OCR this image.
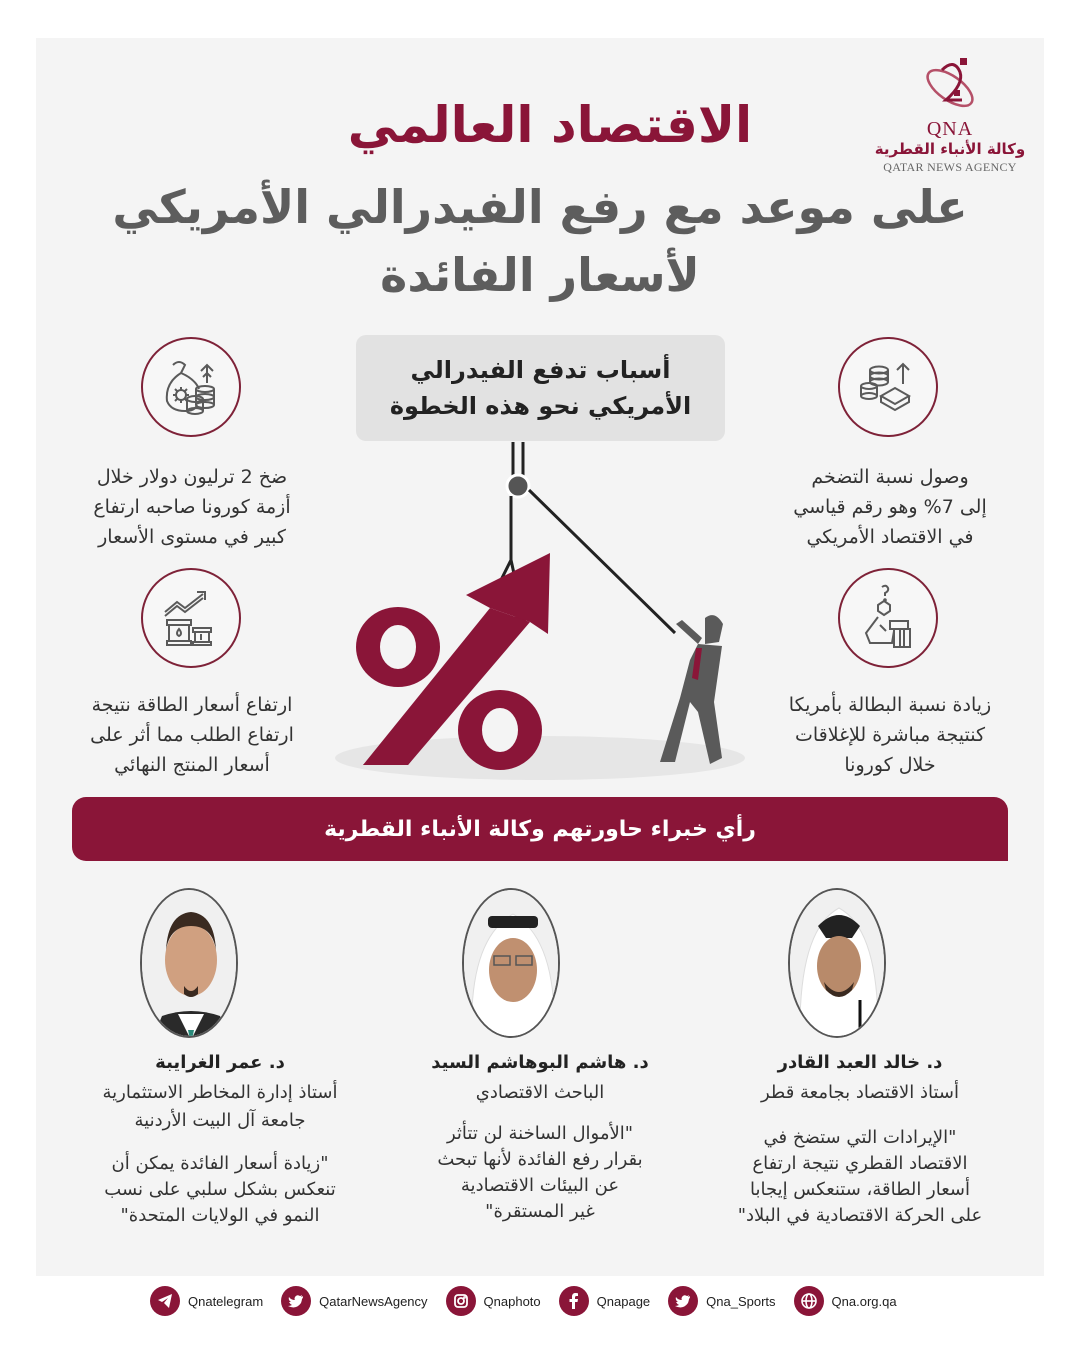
QNA
وكالة الأنباء القطرية
QATAR NEWS AGENCY
الاقتصاد العالمي
على موعد مع رفع الفيدرالي الأمريكي
لأسعار الفائدة
أسباب تدفع الفيدرالي
الأمريكي نحو هذه الخطوة
وصول نسبة التضخم
إلى 7% وهو رقم قياسي
في الاقتصاد الأمريكي
ضخ 2 ترليون دولار خلال
أزمة كورونا صاحبه ارتفاع
كبير في مستوى الأسعار
زيادة نسبة البطالة بأمريكا
كنتيجة مباشرة للإغلاقات
خلال كورونا
ارتفاع أسعار الطاقة نتيجة
ارتفاع الطلب مما أثر على
أسعار المنتج النهائي
رأي خبراء حاورتهم وكالة الأنباء القطرية
د. خالد العبد القادر
أستاذ الاقتصاد بجامعة قطر
"الإيرادات التي ستضخ في
الاقتصاد القطري نتيجة ارتفاع
أسعار الطاقة، ستنعكس إيجابا
على الحركة الاقتصادية في البلاد"
د. هاشم البوهاشم السيد
الباحث الاقتصادي
"الأموال الساخنة لن تتأثر
بقرار رفع الفائدة لأنها تبحث
عن البيئات الاقتصادية
غير المستقرة"
د. عمر الغرايبة
أستاذ إدارة المخاطر الاستثمارية
جامعة آل البيت الأردنية
"زيادة أسعار الفائدة يمكن أن
تنعكس بشكل سلبي على نسب
النمو في الولايات المتحدة"
Qnatelegram	QatarNewsAgency	Qnaphoto	Qnapage	Qna_Sports	Qna.org.qa
